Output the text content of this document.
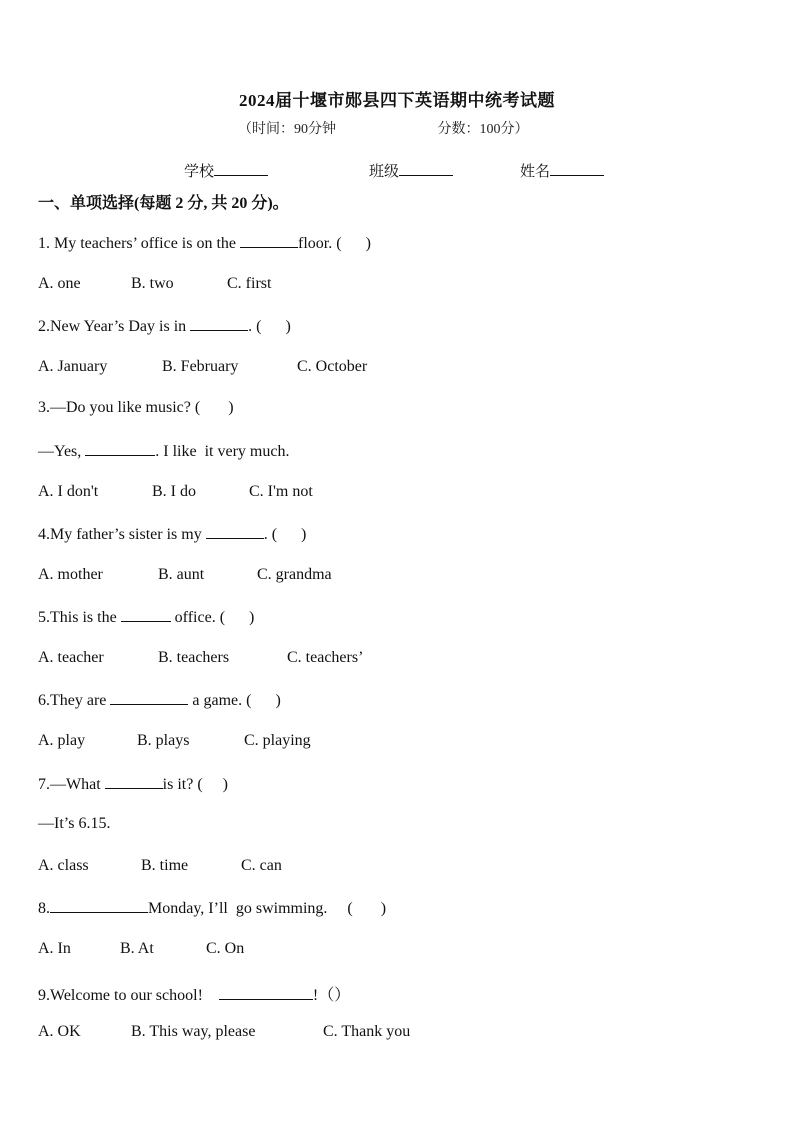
2024届十堰市郧县四下英语期中统考试题
（时间：90分钟	分数：100分）
学校	班级	姓名
一、单项选择(每题 2 分, 共 20 分)。
1. My teachers’ office is on the	floor. (      )
A. one	B. two	C. first
2.New Year’s Day is in	. (      )
A. January	B. February	C. October
3.—Do you like music? (       )
—Yes,	. I like  it very much.
A. I don't	B. I do	C. I'm not
4.My father’s sister is my	. (      )
A. mother	B. aunt	C. grandma
5.This is the	office. (      )
A. teacher	B. teachers	C. teachers’
6.They are	a game. (      )
A. play	B. plays	C. playing
7.—What	is it? (     )
—It’s 6.15.
A. class	B. time	C. can
8.	Monday, I’ll  go swimming.     (       )
A. In	B. At	C. On
9.Welcome to our school!	!（）
A. OK	B. This way, please	C. Thank you
